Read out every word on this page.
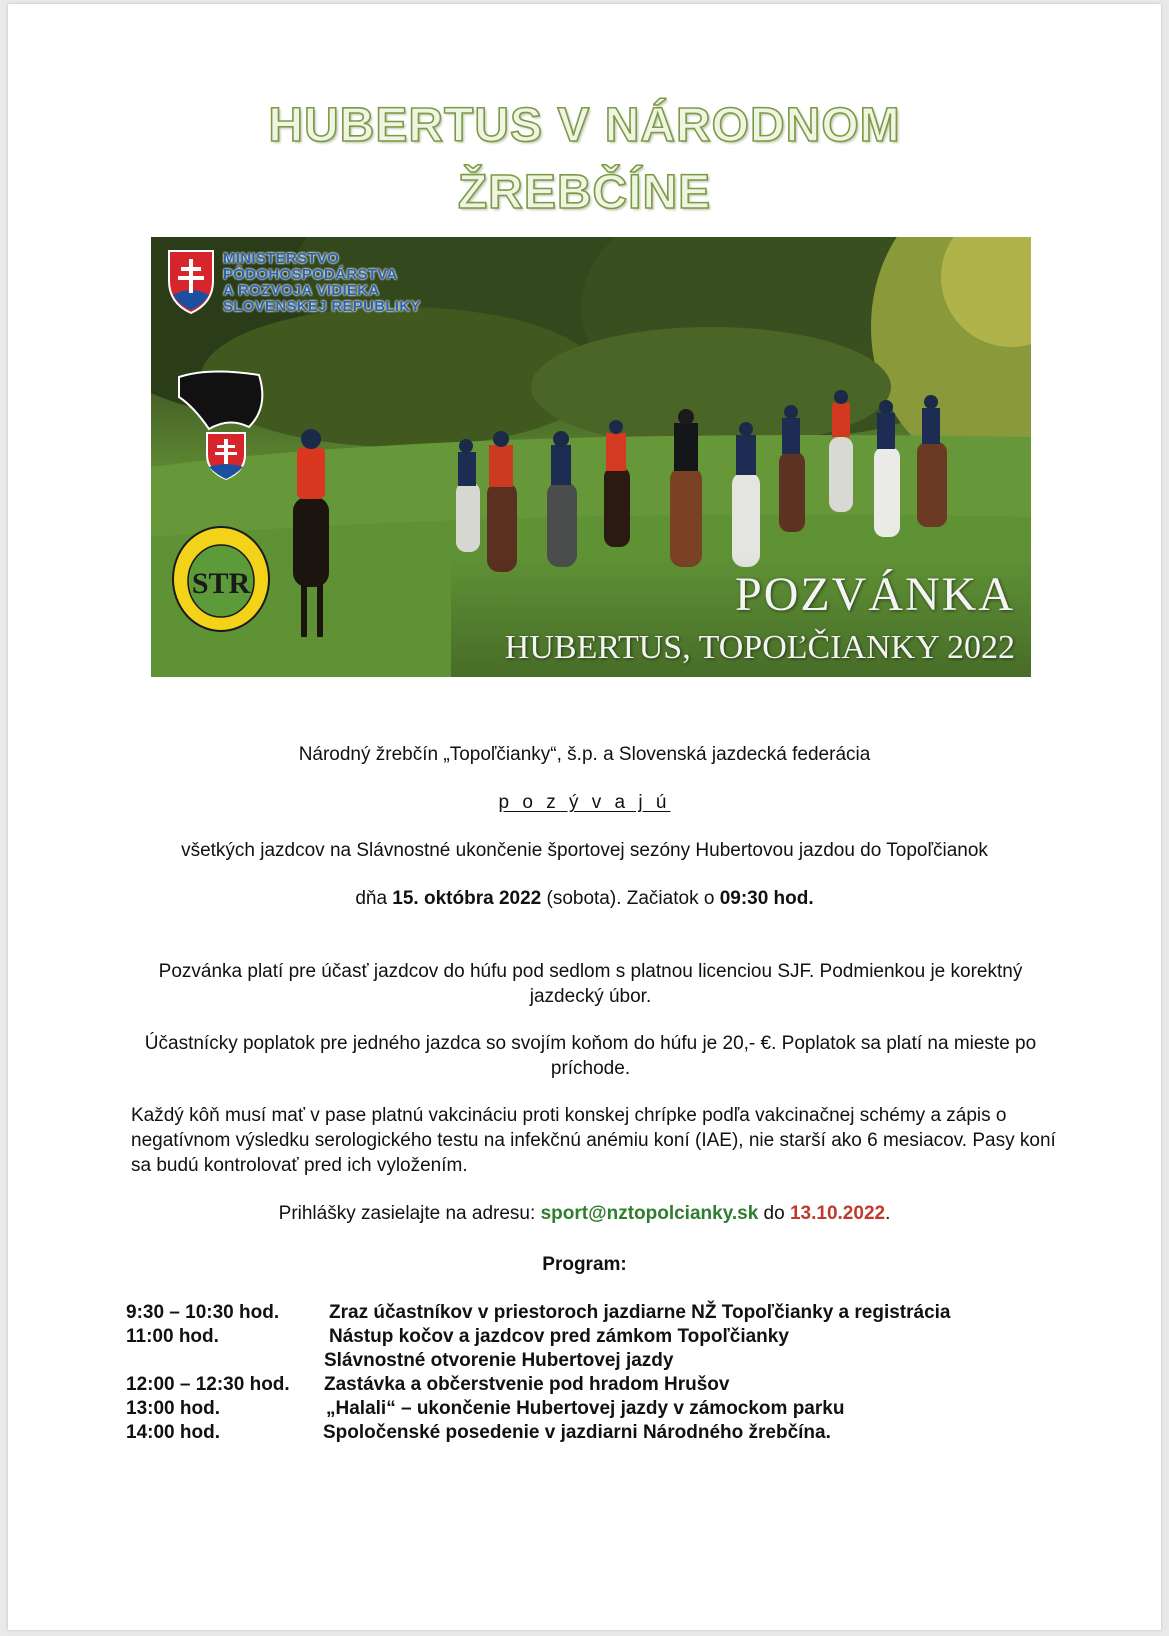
HUBERTUS V NÁRODNOM
ŽREBČÍNE
STR
MINISTERSTVO
PÔDOHOSPODÁRSTVA
A ROZVOJA VIDIEKA
SLOVENSKEJ REPUBLIKY
POZVÁNKA
HUBERTUS, TOPOĽČIANKY 2022
Národný žrebčín „Topoľčianky“, š.p. a Slovenská jazdecká federácia
p o z ý v a j ú
všetkých jazdcov na Slávnostné ukončenie športovej sezóny Hubertovou jazdou do Topoľčianok
dňa 15. októbra 2022 (sobota). Začiatok o 09:30 hod.
Pozvánka platí pre účasť jazdcov do húfu pod sedlom s platnou licenciou SJF. Podmienkou je korektný jazdecký úbor.
Účastnícky poplatok pre jedného jazdca so svojím koňom do húfu je 20,- €. Poplatok sa platí na mieste po príchode.
Každý kôň musí mať v pase platnú vakcináciu proti konskej chrípke podľa vakcinačnej schémy a zápis o negatívnom výsledku serologického testu na infekčnú anémiu koní (IAE), nie starší ako 6 mesiacov. Pasy koní sa budú kontrolovať pred ich vyložením.
Prihlášky zasielajte na adresu: sport@nztopolcianky.sk do 13.10.2022.
Program:
9:30 – 10:30 hod.	Zraz účastníkov v priestoroch jazdiarne NŽ Topoľčianky a registrácia
11:00 hod.	Nástup kočov a jazdcov pred zámkom Topoľčianky
Slávnostné otvorenie Hubertovej jazdy
12:00 – 12:30 hod. Zastávka a občerstvenie pod hradom Hrušov
13:00 hod.	„Halali“ – ukončenie Hubertovej jazdy v zámockom parku
14:00 hod.	Spoločenské posedenie v jazdiarni Národného žrebčína.
